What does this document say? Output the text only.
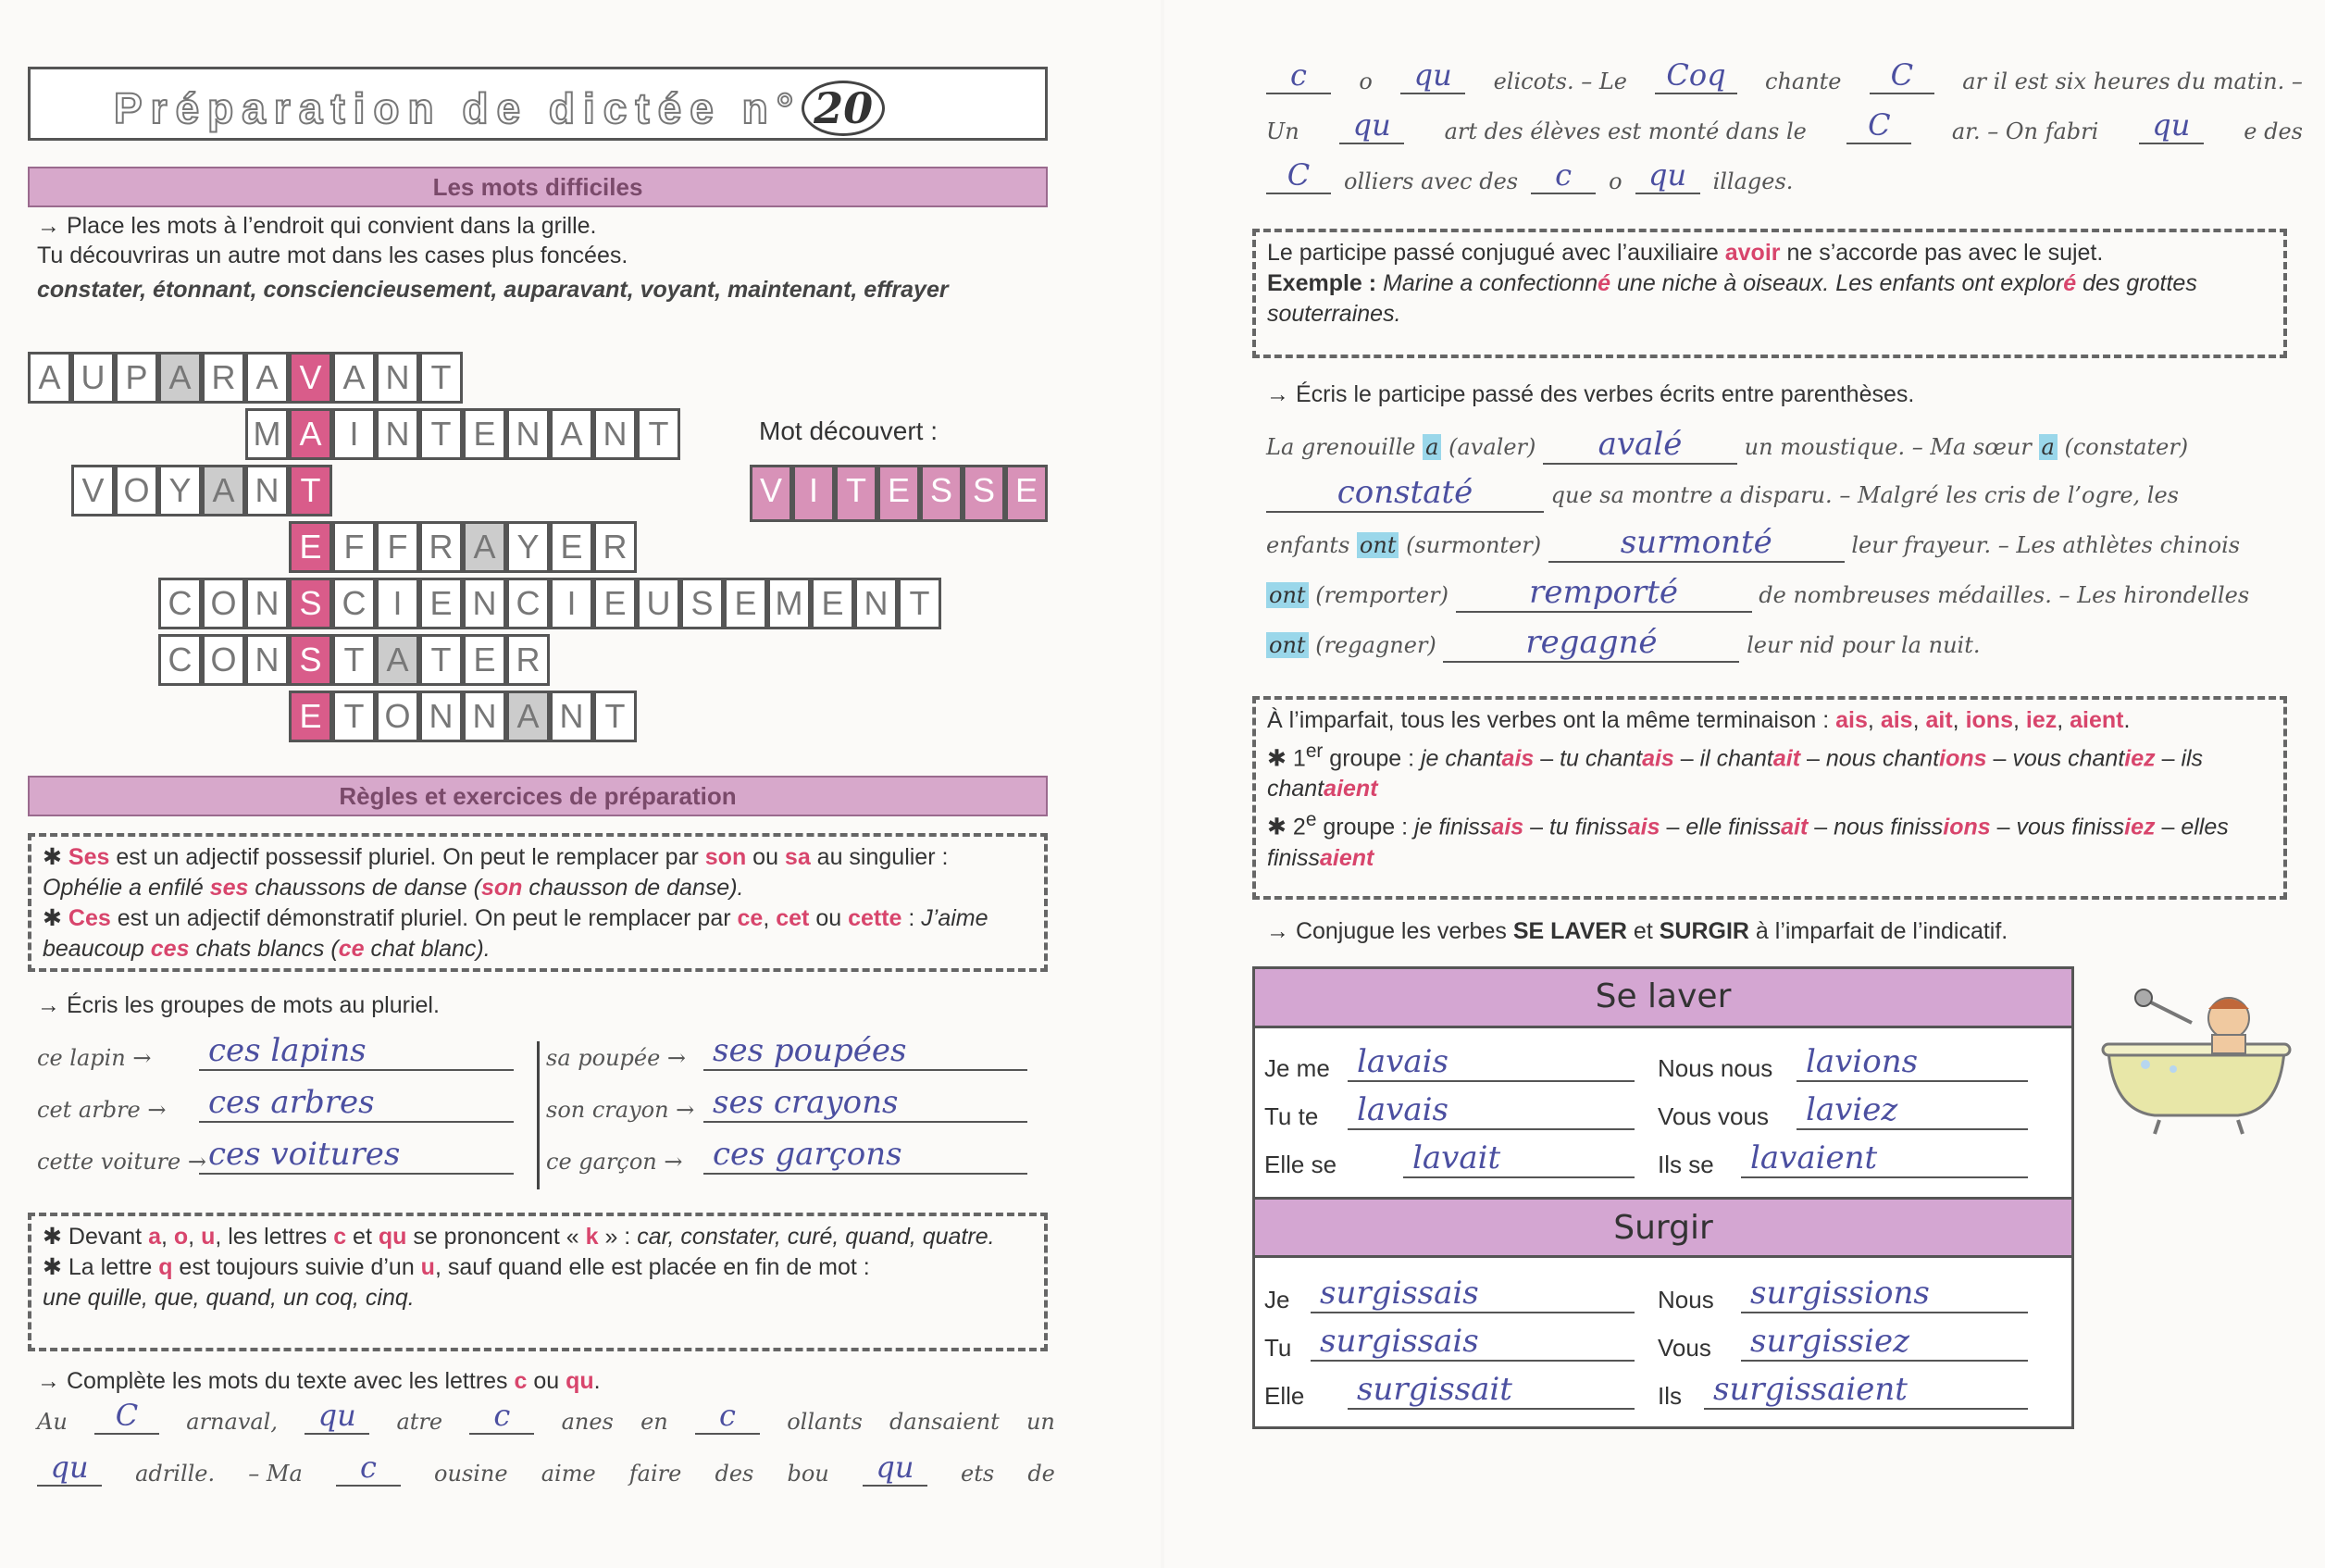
Préparation de dictée n° 20
Les mots difficiles
→ Place les mots à l’endroit qui convient dans la grille.
Tu découvriras un autre mot dans les cases plus foncées.
constater, étonnant, consciencieusement, auparavant, voyant, maintenant, effrayer
A U P A R A V A N T
M A I N T E N A N T
V O Y A N T
E F F R A Y E R
C O N S C I E N C I E U S E M E N T
C O N S T A T E R
E T O N N A N T
Mot découvert :
V I T E S S E
Règles et exercices de préparation
✱ Ses est un adjectif possessif pluriel. On peut le remplacer par son ou sa au singulier : Ophélie a enfilé ses chaussons de danse (son chausson de danse).
✱ Ces est un adjectif démonstratif pluriel. On peut le remplacer par ce, cet ou cette : J’aime beaucoup ces chats blancs (ce chat blanc).
→ Écris les groupes de mots au pluriel.
ce lapin → ces lapins
cet arbre → ces arbres
cette voiture → ces voitures
sa poupée → ses poupées
son crayon → ses crayons
ce garçon → ces garçons
✱ Devant a, o, u, les lettres c et qu se prononcent « k » : car, constater, curé, quand, quatre.
✱ La lettre q est toujours suivie d’un u, sauf quand elle est placée en fin de mot :
une quille, que, quand, un coq, cinq.
→ Complète les mots du texte avec les lettres c ou qu.
Au	C	arnaval,	qu	atre	c	anes en	c	ollants dansaient un
qu	adrille. – Ma	c	ousine aime faire des bou	qu	ets de
c	o	qu	elicots. – Le	Coq	chante	C	ar il est six heures du matin. –
Un	qu	art des élèves est monté dans le	C	ar. – On fabri	qu	e des
C	olliers avec des	c	o qu	illages.
Le participe passé conjugué avec l’auxiliaire avoir ne s’accorde pas avec le sujet.
Exemple : Marine a confectionné une niche à oiseaux. Les enfants ont exploré des grottes souterraines.
→ Écris le participe passé des verbes écrits entre parenthèses.
La grenouille a (avaler) avalé	un moustique. – Ma sœur a (constater)
constaté	que sa montre a disparu. – Malgré les cris de l’ogre, les
enfants ont (surmonter)	surmonté	leur frayeur. – Les athlètes chinois
ont (remporter)	remporté	de nombreuses médailles. – Les hirondelles
ont (regagner)	regagné	leur nid pour la nuit.
À l’imparfait, tous les verbes ont la même terminaison : ais, ais, ait, ions, iez, aient.
✱ 1er groupe : je chantais – tu chantais – il chantait – nous chantions – vous chantiez – ils chantaient
✱ 2e groupe : je finissais – tu finissais – elle finissait – nous finissions – vous finissiez – elles finissaient
→ Conjugue les verbes SE LAVER et SURGIR à l’imparfait de l’indicatif.
Se laver
Je me lavais
Tu te lavais
Elle se lavait
Nous nous lavions
Vous vous laviez
Ils se lavaient
Surgir
Je surgissais
Tu surgissais
Elle surgissait
Nous surgissions
Vous surgissiez
Ils surgissaient
